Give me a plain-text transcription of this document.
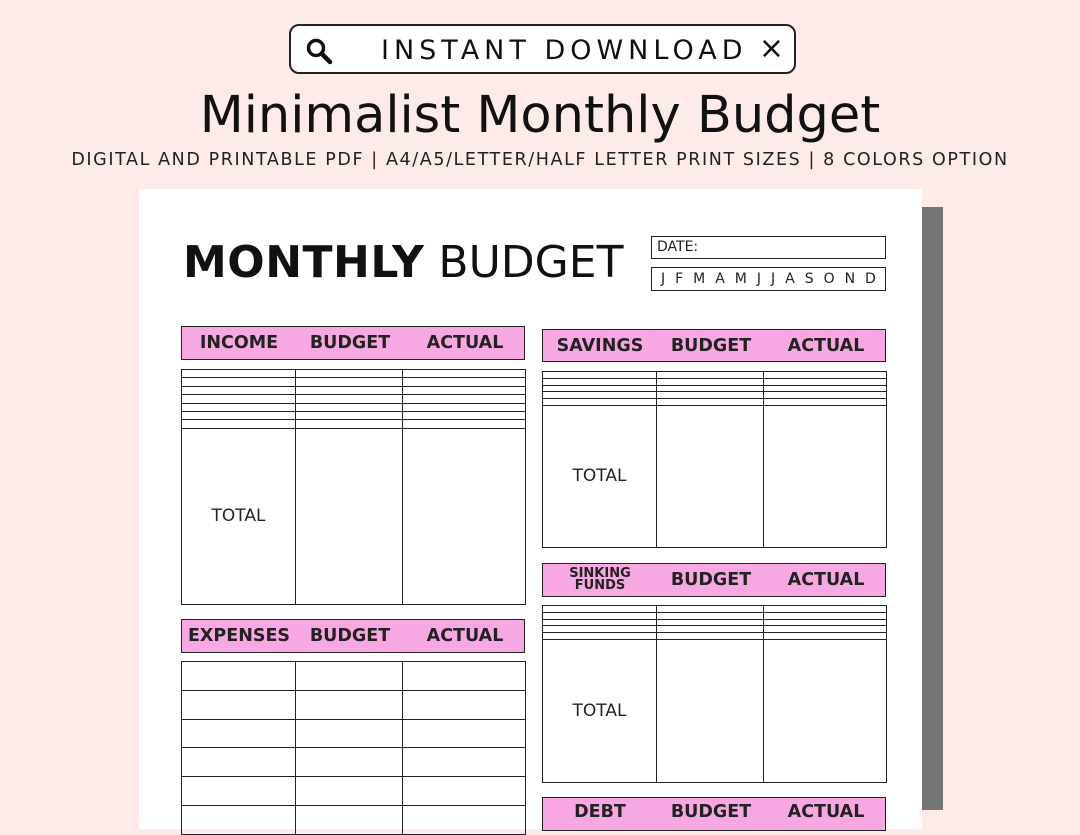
INSTANT DOWNLOAD ×
Minimalist Monthly Budget
DIGITAL AND PRINTABLE PDF | A4/A5/LETTER/HALF LETTER PRINT SIZES | 8 COLORS OPTION
MONTHLY BUDGET	DATE:
J F M A M J J A S O N D
INCOME BUDGET ACTUAL

TOTAL		
EXPENSES BUDGET ACTUAL

SAVINGS BUDGET ACTUAL

TOTAL		
SINKING
FUNDS	BUDGET ACTUAL

TOTAL		
DEBT	BUDGET ACTUAL
